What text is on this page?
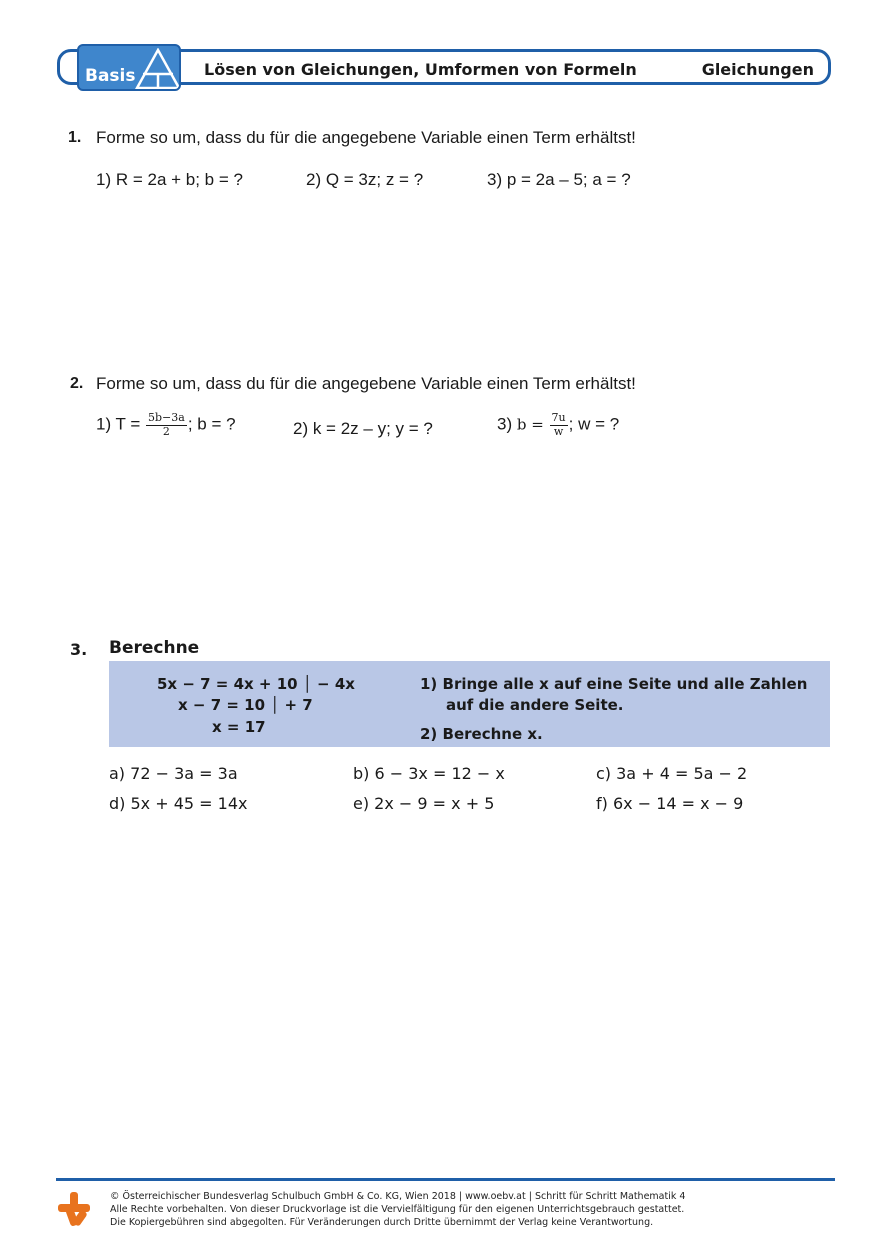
Basis	Lösen von Gleichungen, Umformen von Formeln	Gleichungen
1. Forme so um, dass du für die angegebene Variable einen Term erhältst!
1) R = 2a + b; b = ?	2) Q = 3z; z = ?	3) p = 2a – 5; a = ?
2. Forme so um, dass du für die angegebene Variable einen Term erhältst!
1) $T = \frac{5b-3a}{2}$ ; b = ?	2) k = 2z – y; y = ?	3) $b = \frac{7u}{w}$ ; w = ?
3. Berechne
5x − 7 = 4x + 10 │ − 4x
x − 7 = 10 │ + 7
x = 17
1) Bringe alle x auf eine Seite und alle Zahlen
auf die andere Seite.
2) Berechne x.
a) 72 − 3a = 3a	b) 6 − 3x = 12 − x	c) 3a + 4 = 5a − 2
d) 5x + 45 = 14x	e) 2x − 9 = x + 5	f) 6x − 14 = x − 9
© Österreichischer Bundesverlag Schulbuch GmbH & Co. KG, Wien 2018 | www.oebv.at | Schritt für Schritt Mathematik 4
Alle Rechte vorbehalten. Von dieser Druckvorlage ist die Vervielfältigung für den eigenen Unterrichtsgebrauch gestattet.
Die Kopiergebühren sind abgegolten. Für Veränderungen durch Dritte übernimmt der Verlag keine Verantwortung.
